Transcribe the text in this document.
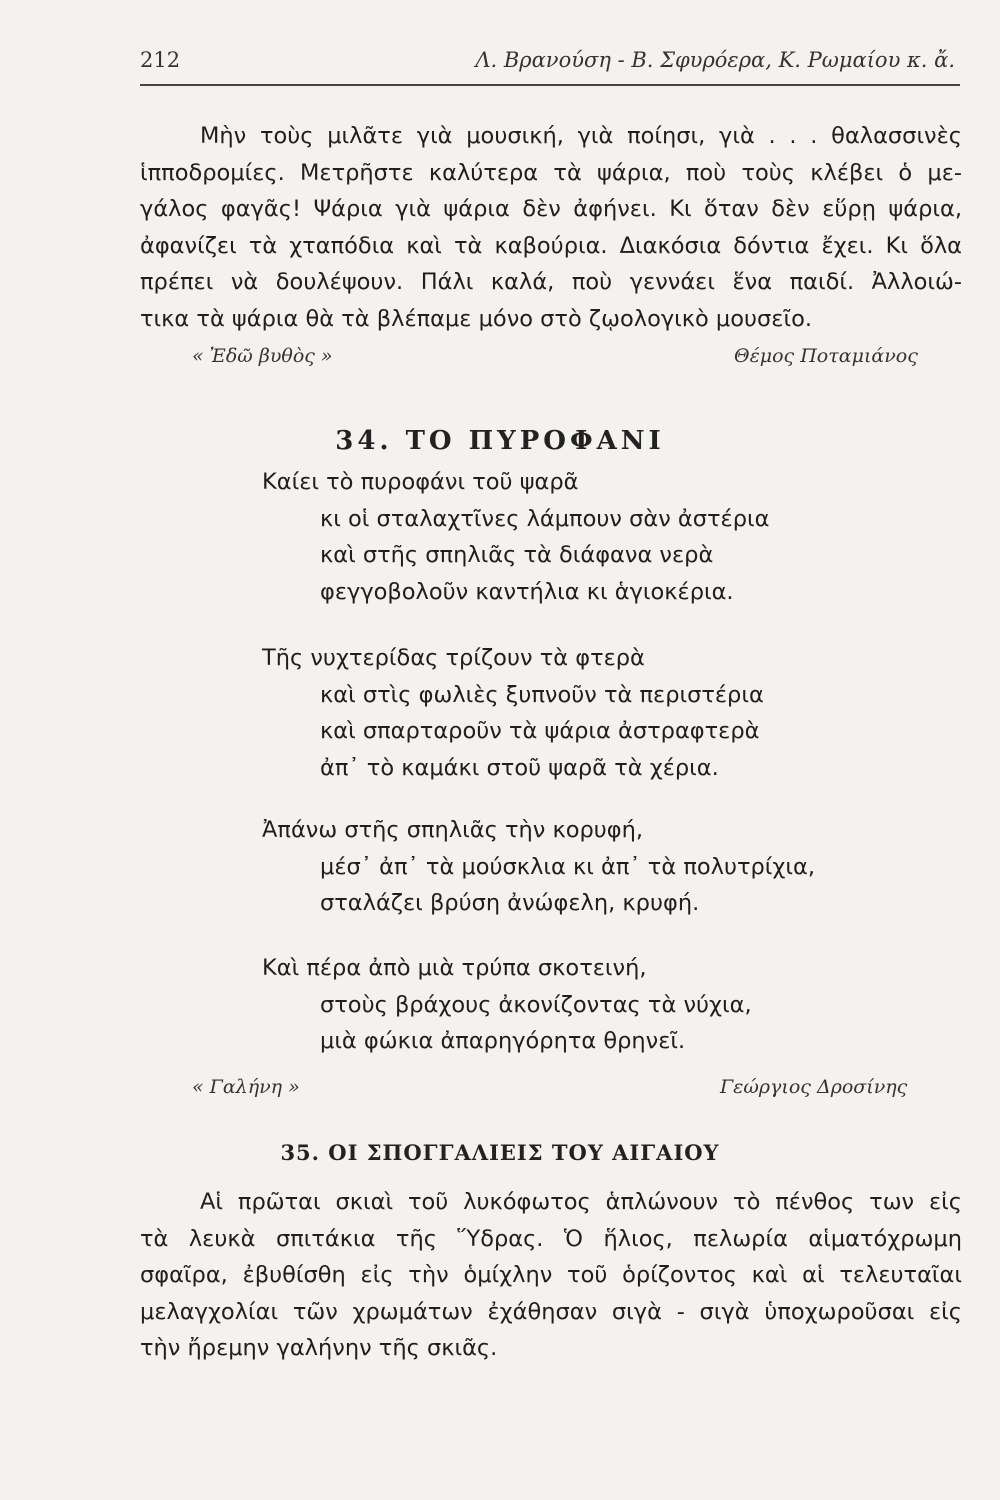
212	Λ. Βρανούση - Β. Σφυρόερα, Κ. Ρωμαίου κ. ἄ.
Μὴν τοὺς μιλᾶτε γιὰ μουσική, γιὰ ποίησι, γιὰ . . . θαλασσινὲς
ἱπποδρομίες. Μετρῆστε καλύτερα τὰ ψάρια, ποὺ τοὺς κλέβει ὁ με-
γάλος φαγᾶς! Ψάρια γιὰ ψάρια δὲν ἀφήνει. Κι ὅταν δὲν εὕρῃ ψάρια,
ἀφανίζει τὰ χταπόδια καὶ τὰ καβούρια. Διακόσια δόντια ἔχει. Κι ὅλα
πρέπει νὰ δουλέψουν. Πάλι καλά, ποὺ γεννάει ἕνα παιδί. Ἀλλοιώ-
τικα τὰ ψάρια θὰ τὰ βλέπαμε μόνο στὸ ζῳολογικὸ μουσεῖο.
« Ἐδῶ βυθὸς »	Θέμος Ποταμιάνος
34. ΤΟ ΠΥΡΟΦΑΝΙ
Καίει τὸ πυροφάνι τοῦ ψαρᾶ
κι οἱ σταλαχτῖνες λάμπουν σὰν ἀστέρια
καὶ στῆς σπηλιᾶς τὰ διάφανα νερὰ
φεγγοβολοῦν καντήλια κι ἁγιοκέρια.
Τῆς νυχτερίδας τρίζουν τὰ φτερὰ
καὶ στὶς φωλιὲς ξυπνοῦν τὰ περιστέρια
καὶ σπαρταροῦν τὰ ψάρια ἀστραφτερὰ
ἀπ᾽ τὸ καμάκι στοῦ ψαρᾶ τὰ χέρια.
Ἀπάνω στῆς σπηλιᾶς τὴν κορυφή,
μέσ᾽ ἀπ᾽ τὰ μούσκλια κι ἀπ᾽ τὰ πολυτρίχια,
σταλάζει βρύση ἀνώφελη, κρυφή.
Καὶ πέρα ἀπὸ μιὰ τρύπα σκοτεινή,
στοὺς βράχους ἀκονίζοντας τὰ νύχια,
μιὰ φώκια ἀπαρηγόρητα θρηνεῖ.
« Γαλήνη »	Γεώργιος Δροσίνης
35. ΟΙ ΣΠΟΓΓΑΛΙΕΙΣ ΤΟΥ ΑΙΓΑΙΟΥ
Αἱ πρῶται σκιαὶ τοῦ λυκόφωτος ἁπλώνουν τὸ πένθος των εἰς
τὰ λευκὰ σπιτάκια τῆς Ὕδρας. Ὁ ἥλιος, πελωρία αἱματόχρωμη
σφαῖρα, ἐβυθίσθη εἰς τὴν ὁμίχλην τοῦ ὁρίζοντος καὶ αἱ τελευταῖαι
μελαγχολίαι τῶν χρωμάτων ἐχάθησαν σιγὰ - σιγὰ ὑποχωροῦσαι εἰς
τὴν ἤρεμην γαλήνην τῆς σκιᾶς.
